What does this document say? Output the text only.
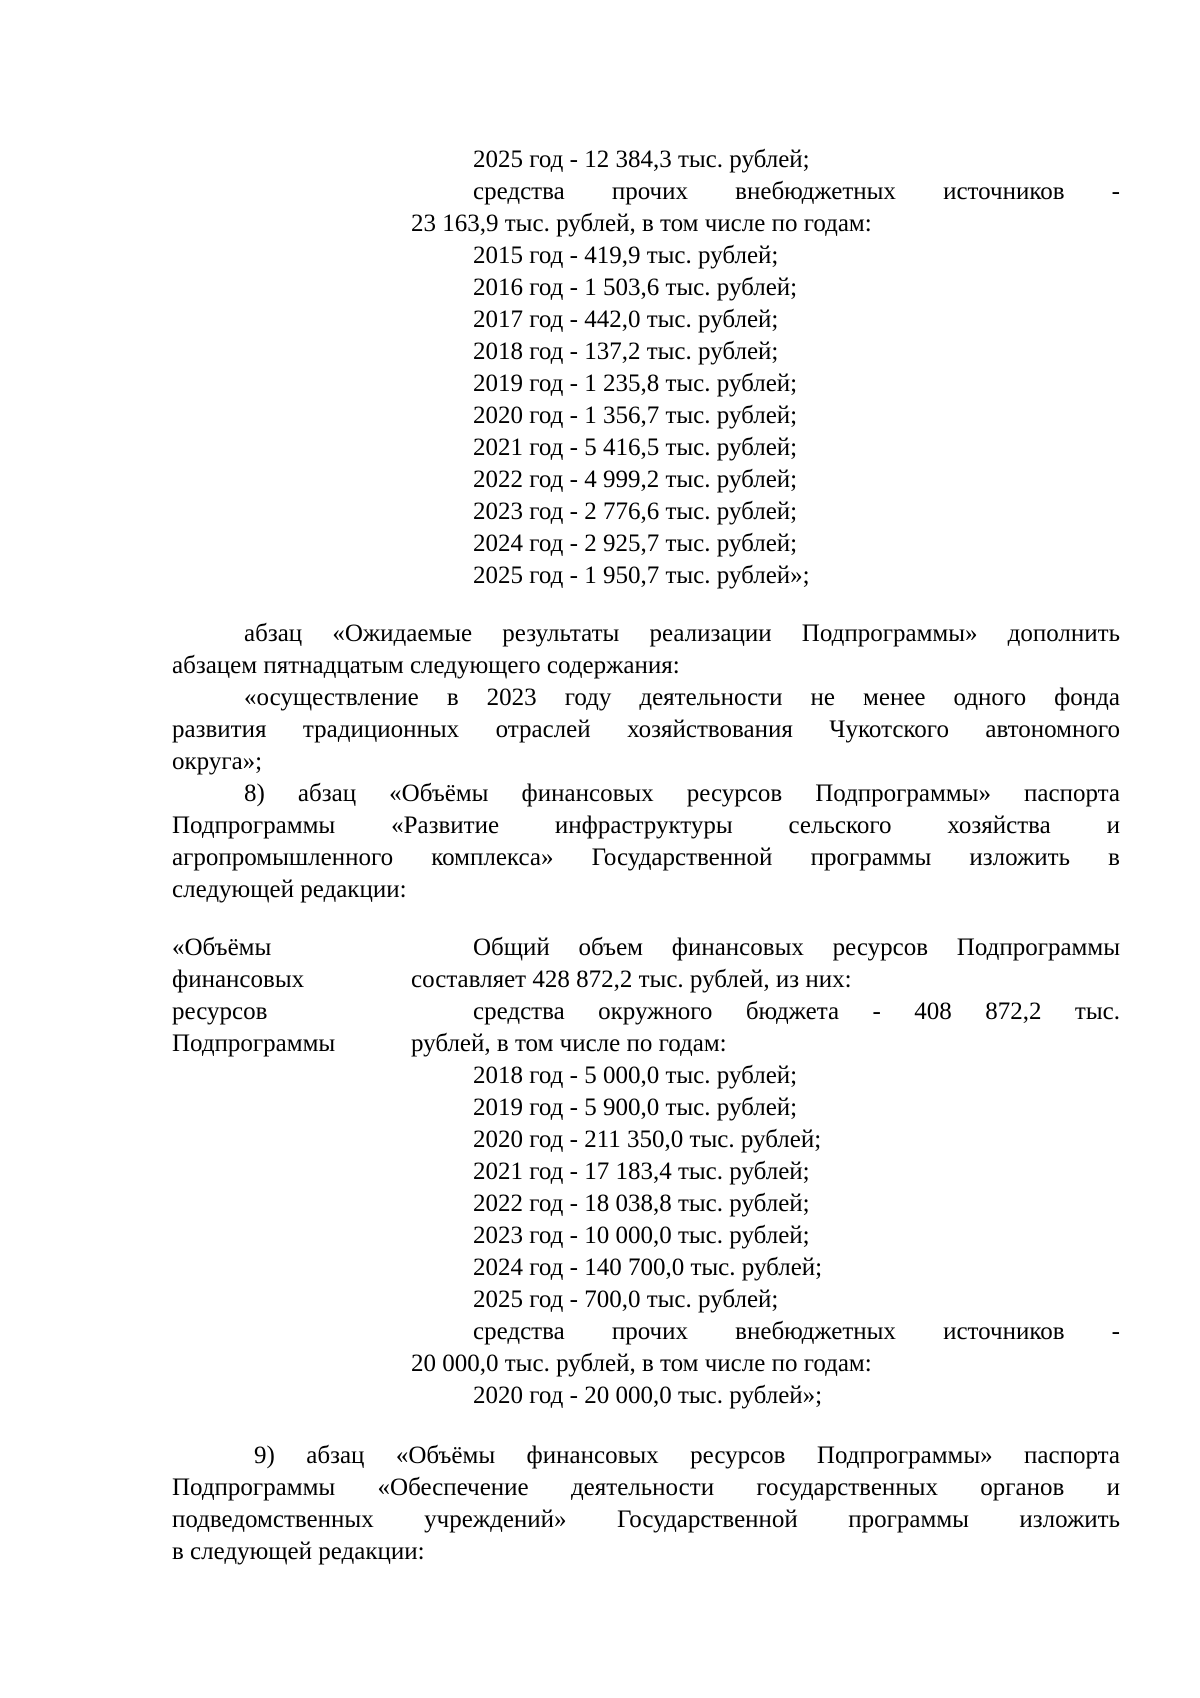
2025 год - 12 384,3 тыс. рублей;
средства прочих внебюджетных источников -
23 163,9 тыс. рублей, в том числе по годам:
2015 год - 419,9 тыс. рублей;
2016 год - 1 503,6 тыс. рублей;
2017 год - 442,0 тыс. рублей;
2018 год - 137,2 тыс. рублей;
2019 год - 1 235,8 тыс. рублей;
2020 год - 1 356,7 тыс. рублей;
2021 год - 5 416,5 тыс. рублей;
2022 год - 4 999,2 тыс. рублей;
2023 год - 2 776,6 тыс. рублей;
2024 год - 2 925,7 тыс. рублей;
2025 год - 1 950,7 тыс. рублей»;
абзац «Ожидаемые результаты реализации Подпрограммы» дополнить
абзацем пятнадцатым следующего содержания:
«осуществление в 2023 году деятельности не менее одного фонда
развития традиционных отраслей хозяйствования Чукотского автономного
округа»;
8) абзац «Объёмы финансовых ресурсов Подпрограммы» паспорта
Подпрограммы «Развитие инфраструктуры сельского хозяйства и
агропромышленного комплекса» Государственной программы изложить в
следующей редакции:
«Объёмы
финансовых
ресурсов
Подпрограммы
Общий объем финансовых ресурсов Подпрограммы
составляет 428 872,2 тыс. рублей, из них:
средства окружного бюджета - 408 872,2 тыс.
рублей, в том числе по годам:
2018 год - 5 000,0 тыс. рублей;
2019 год - 5 900,0 тыс. рублей;
2020 год - 211 350,0 тыс. рублей;
2021 год - 17 183,4 тыс. рублей;
2022 год - 18 038,8 тыс. рублей;
2023 год - 10 000,0 тыс. рублей;
2024 год - 140 700,0 тыс. рублей;
2025 год - 700,0 тыс. рублей;
средства прочих внебюджетных источников -
20 000,0 тыс. рублей, в том числе по годам:
2020 год - 20 000,0 тыс. рублей»;
9) абзац «Объёмы финансовых ресурсов Подпрограммы» паспорта
Подпрограммы «Обеспечение деятельности государственных органов и
подведомственных учреждений» Государственной программы изложить
в следующей редакции:
